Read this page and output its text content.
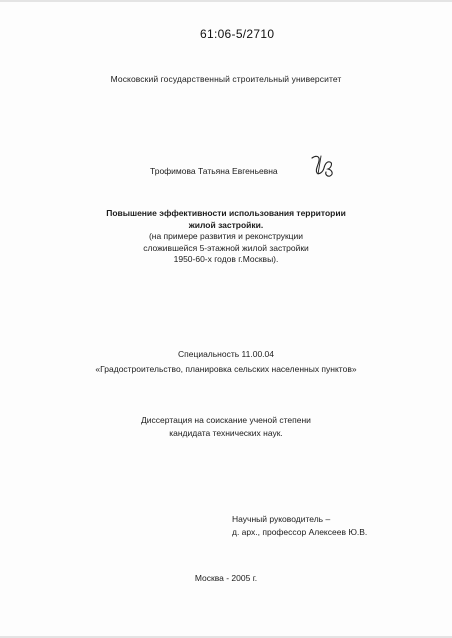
61:06-5/2710
Московский государственный строительный университет
Трофимова Татьяна Евгеньевна
Повышение эффективности использования территории
жилой застройки.
(на примере развития и реконструкции
сложившейся 5-этажной жилой застройки
1950-60-х годов г.Москвы).
Специальность 11.00.04
«Градостроительство, планировка сельских населенных пунктов»
Диссертация на соискание ученой степени
кандидата технических наук.
Научный руководитель –
д. арх., профессор Алексеев Ю.В.
Москва - 2005 г.
